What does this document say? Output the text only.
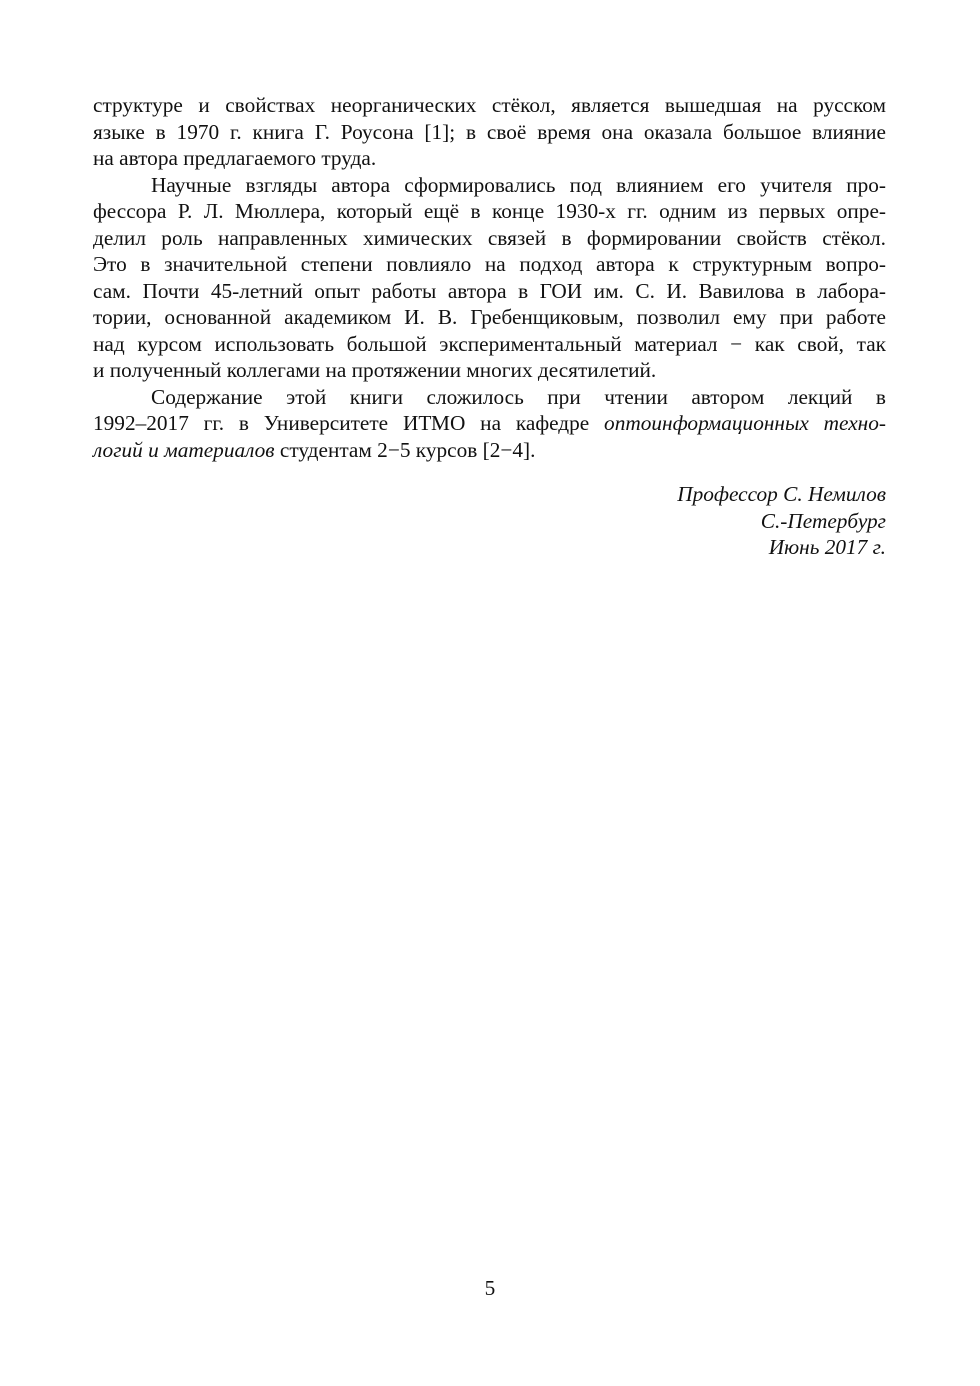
структуре и свойствах неорганических стёкол, является вышедшая на русском
языке в 1970 г. книга Г. Роусона [1]; в своё время она оказала большое влияние
на автора предлагаемого труда.

Научные взгляды автора сформировались под влиянием его учителя про-
фессора Р. Л. Мюллера, который ещё в конце 1930-х гг. одним из первых опре-
делил роль направленных химических связей в формировании свойств стёкол.
Это в значительной степени повлияло на подход автора к структурным вопро-
сам. Почти 45-летний опыт работы автора в ГОИ им. С. И. Вавилова в лабора-
тории, основанной академиком И. В. Гребенщиковым, позволил ему при работе
над курсом использовать большой экспериментальный материал − как свой, так
и полученный коллегами на протяжении многих десятилетий.

Содержание этой книги сложилось при чтении автором лекций в
1992–2017 гг. в Университете ИТМО на кафедре оптоинформационных техно-
логий и материалов студентам 2−5 курсов [2−4].

Профессор С. Немилов
С.-Петербург
Июнь 2017 г.
5
